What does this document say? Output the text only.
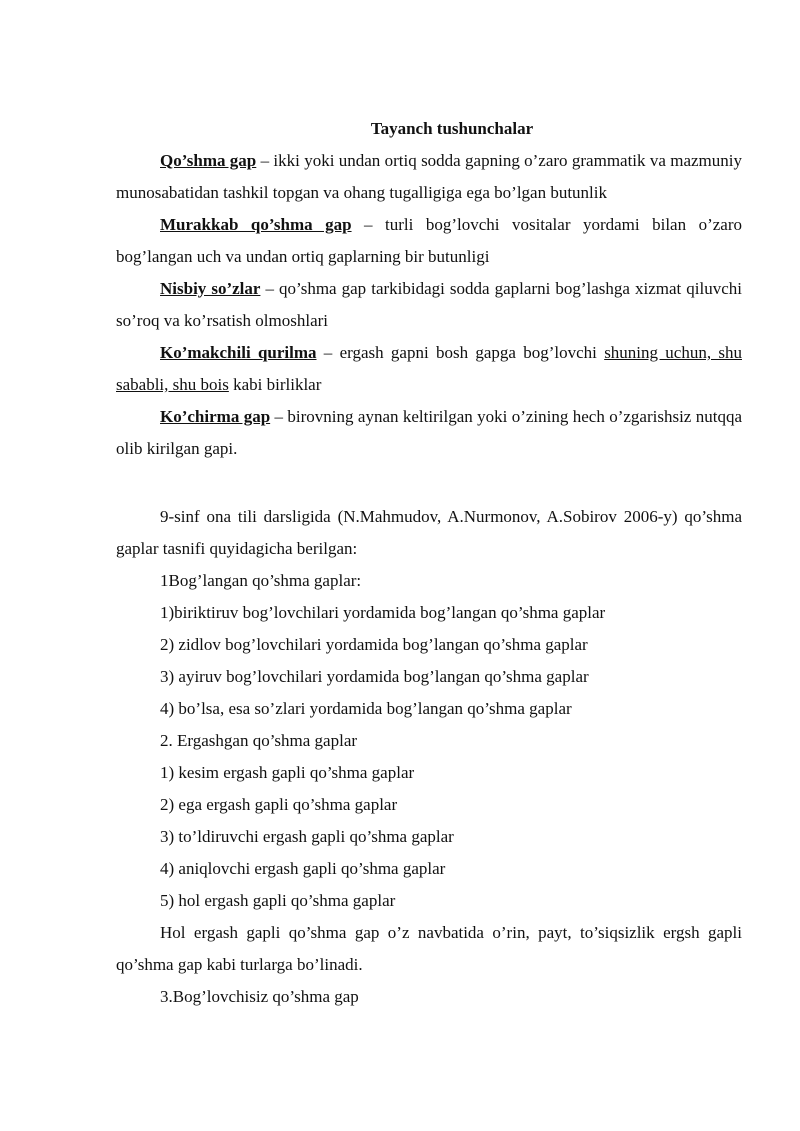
Tayanch tushunchalar

Qo’shma gap – ikki yoki undan ortiq sodda gapning o’zaro grammatik va mazmuniy munosabatidan tashkil topgan va ohang tugalligiga ega bo’lgan butunlik

Murakkab qo’shma gap – turli bog’lovchi vositalar yordami bilan o’zaro bog’langan uch va undan ortiq gaplarning bir butunligi

Nisbiy so’zlar – qo’shma gap tarkibidagi sodda gaplarni bog’lashga xizmat qiluvchi so’roq va ko’rsatish olmoshlari

Ko’makchili qurilma – ergash gapni bosh gapga bog’lovchi shuning uchun, shu sababli, shu bois kabi birliklar

Ko’chirma gap – birovning aynan keltirilgan yoki o’zining hech o’zgarishsiz nutqqa olib kirilgan gapi.

9-sinf ona tili darsligida (N.Mahmudov, A.Nurmonov, A.Sobirov 2006-y) qo’shma gaplar tasnifi quyidagicha berilgan:

1Bog’langan qo’shma gaplar:

1)biriktiruv bog’lovchilari yordamida bog’langan qo’shma gaplar

2) zidlov bog’lovchilari yordamida bog’langan qo’shma gaplar

3) ayiruv bog’lovchilari yordamida bog’langan qo’shma gaplar

4) bo’lsa, esa so’zlari yordamida bog’langan qo’shma gaplar

2. Ergashgan qo’shma gaplar

1) kesim ergash gapli qo’shma gaplar

2) ega ergash gapli qo’shma gaplar

3) to’ldiruvchi ergash gapli qo’shma gaplar

4) aniqlovchi ergash gapli qo’shma gaplar

5) hol ergash gapli qo’shma gaplar

Hol ergash gapli qo’shma gap o’z navbatida o’rin, payt, to’siqsizlik ergsh gapli qo’shma gap kabi turlarga bo’linadi.

3.Bog’lovchisiz qo’shma gap
